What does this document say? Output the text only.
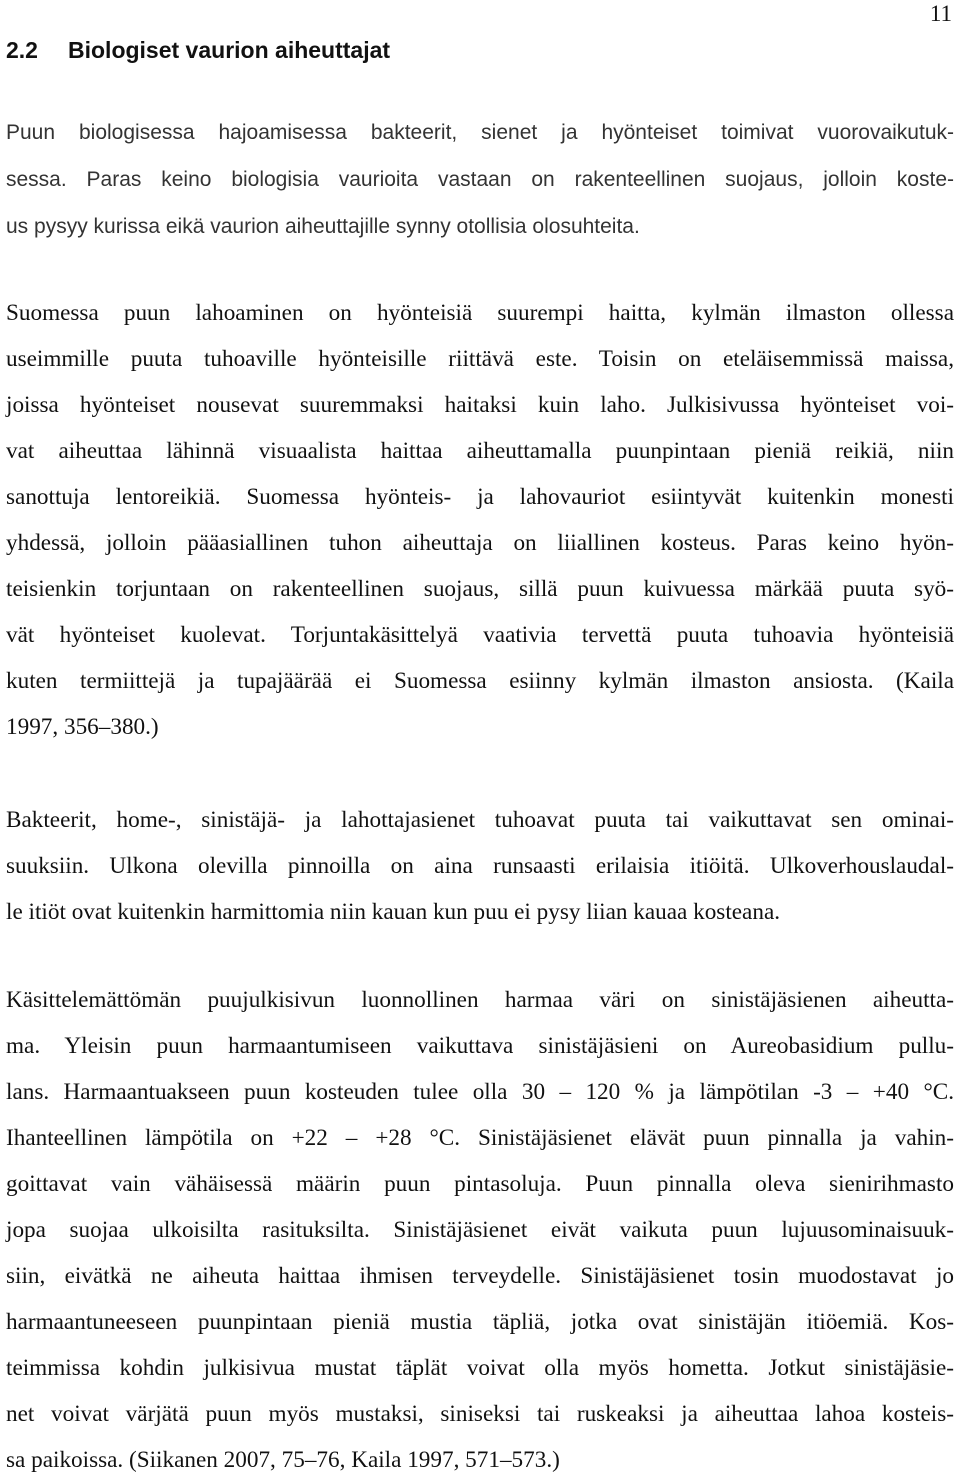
11
2.2 Biologiset vaurion aiheuttajat
Puun biologisessa hajoamisessa bakteerit, sienet ja hyönteiset toimivat vuorovaikutuk-
sessa. Paras keino biologisia vaurioita vastaan on rakenteellinen suojaus, jolloin koste-
us pysyy kurissa eikä vaurion aiheuttajille synny otollisia olosuhteita.
Suomessa puun lahoaminen on hyönteisiä suurempi haitta, kylmän ilmaston ollessa
useimmille puuta tuhoaville hyönteisille riittävä este. Toisin on eteläisemmissä maissa,
joissa hyönteiset nousevat suuremmaksi haitaksi kuin laho. Julkisivussa hyönteiset voi-
vat aiheuttaa lähinnä visuaalista haittaa aiheuttamalla puunpintaan pieniä reikiä, niin
sanottuja lentoreikiä. Suomessa hyönteis- ja lahovauriot esiintyvät kuitenkin monesti
yhdessä, jolloin pääasiallinen tuhon aiheuttaja on liiallinen kosteus. Paras keino hyön-
teisienkin torjuntaan on rakenteellinen suojaus, sillä puun kuivuessa märkää puuta syö-
vät hyönteiset kuolevat. Torjuntakäsittelyä vaativia tervettä puuta tuhoavia hyönteisiä
kuten termiittejä ja tupajäärää ei Suomessa esiinny kylmän ilmaston ansiosta. (Kaila
1997, 356–380.)
Bakteerit, home-, sinistäjä- ja lahottajasienet tuhoavat puuta tai vaikuttavat sen ominai-
suuksiin. Ulkona olevilla pinnoilla on aina runsaasti erilaisia itiöitä. Ulkoverhouslaudal-
le itiöt ovat kuitenkin harmittomia niin kauan kun puu ei pysy liian kauaa kosteana.
Käsittelemättömän puujulkisivun luonnollinen harmaa väri on sinistäjäsienen aiheutta-
ma. Yleisin puun harmaantumiseen vaikuttava sinistäjäsieni on Aureobasidium pullu-
lans. Harmaantuakseen puun kosteuden tulee olla 30 – 120 % ja lämpötilan -3 – +40 °C.
Ihanteellinen lämpötila on +22 – +28 °C. Sinistäjäsienet elävät puun pinnalla ja vahin-
goittavat vain vähäisessä määrin puun pintasoluja. Puun pinnalla oleva sienirihmasto
jopa suojaa ulkoisilta rasituksilta. Sinistäjäsienet eivät vaikuta puun lujuusominaisuuk-
siin, eivätkä ne aiheuta haittaa ihmisen terveydelle. Sinistäjäsienet tosin muodostavat jo
harmaantuneeseen puunpintaan pieniä mustia täpliä, jotka ovat sinistäjän itiöemiä. Kos-
teimmissa kohdin julkisivua mustat täplät voivat olla myös hometta. Jotkut sinistäjäsie-
net voivat värjätä puun myös mustaksi, siniseksi tai ruskeaksi ja aiheuttaa lahoa kosteis-
sa paikoissa. (Siikanen 2007, 75–76, Kaila 1997, 571–573.)
